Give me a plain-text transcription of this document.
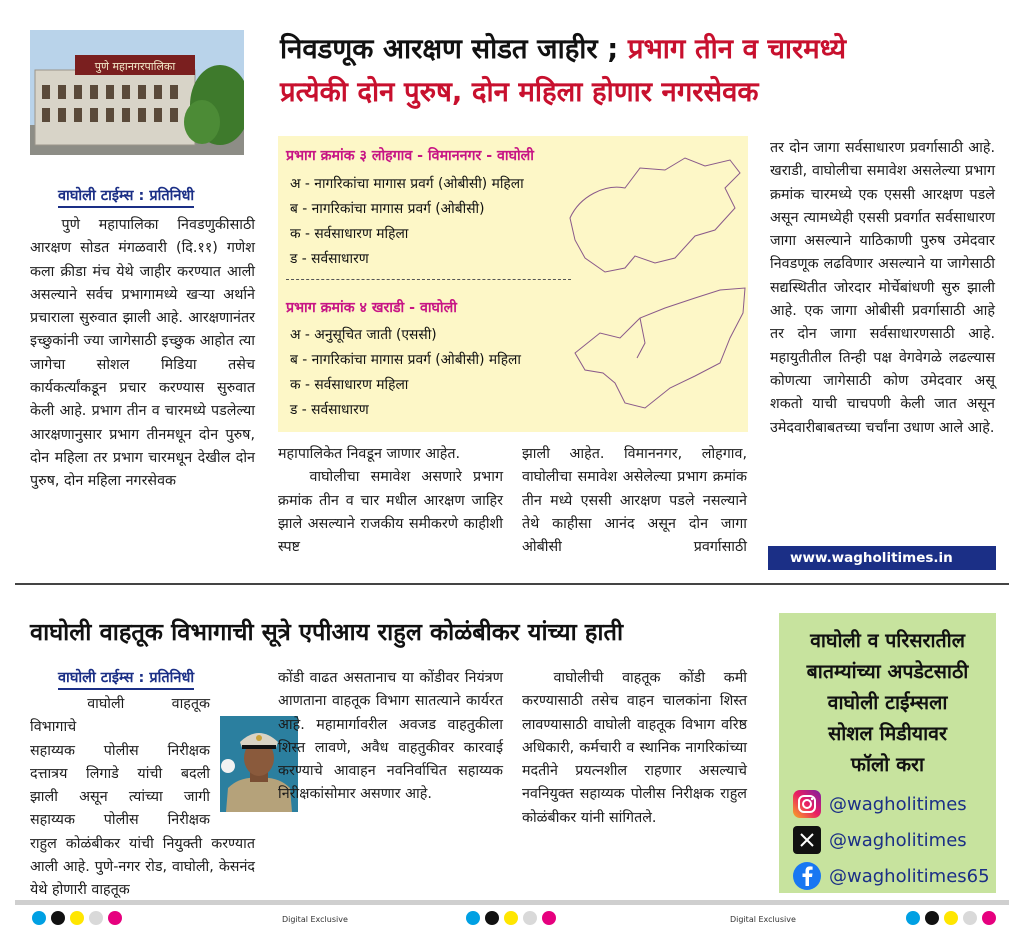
पुणे महानगरपालिका
निवडणूक आरक्षण सोडत जाहीर ; प्रभाग तीन व चारमध्ये
प्रत्येकी दोन पुरुष, दोन महिला होणार नगरसेवक
वाघोली टाईम्स : प्रतिनिधी

पुणे महापालिका निवडणुकीसाठी आरक्षण सोडत मंगळवारी (दि.११) गणेश कला क्रीडा मंच येथे जाहीर करण्यात आली असल्याने सर्वच प्रभागामध्ये खऱ्या अर्थाने प्रचाराला सुरुवात झाली आहे. आरक्षणानंतर इच्छुकांनी ज्या जागेसाठी इच्छुक आहोत त्या जागेचा सोशल मिडिया तसेच कार्यकर्त्यांकडून प्रचार करण्यास सुरुवात केली आहे. प्रभाग तीन व चारमध्ये पडलेल्या आरक्षणानुसार प्रभाग तीनमधून दोन पुरुष, दोन महिला तर प्रभाग चारमधून देखील दोन पुरुष, दोन महिला नगरसेवक

प्रभाग क्रमांक ३ लोहगाव - विमाननगर - वाघोली
अ - नागरिकांचा मागास प्रवर्ग (ओबीसी) महिला
ब - नागरिकांचा मागास प्रवर्ग (ओबीसी)
क - सर्वसाधारण महिला
ड - सर्वसाधारण
प्रभाग क्रमांक ४ खराडी - वाघोली
अ - अनुसूचित जाती (एससी)
ब - नागरिकांचा मागास प्रवर्ग (ओबीसी) महिला
क - सर्वसाधारण महिला
ड - सर्वसाधारण
महापालिकेत निवडून जाणार आहेत.

वाघोलीचा समावेश असणारे प्रभाग क्रमांक तीन व चार मधील आरक्षण जाहिर झाले असल्याने राजकीय समीकरणे काहीशी स्पष्ट

झाली आहेत. विमाननगर, लोहगाव, वाघोलीचा समावेश असेलेल्या प्रभाग क्रमांक तीन मध्ये एससी आरक्षण पडले नसल्याने तेथे काहीसा आनंद असून दोन जागा ओबीसी प्रवर्गासाठी
तर दोन जागा सर्वसाधारण प्रवर्गासाठी आहे. खराडी, वाघोलीचा समावेश असलेल्या प्रभाग क्रमांक चारमध्ये एक एससी आरक्षण पडले असून त्यामध्येही एससी प्रवर्गात सर्वसाधारण जागा असल्याने याठिकाणी पुरुष उमेदवार निवडणूक लढविणार असल्याने या जागेसाठी सद्यस्थितीत जोरदार मोर्चेबांधणी सुरु झाली आहे. एक जागा ओबीसी प्रवर्गासाठी आहे तर दोन जागा सर्वसाधारणसाठी आहे. महायुतीतील तिन्ही पक्ष वेगवेगळे लढल्यास कोणत्या जागेसाठी कोण उमेदवार असू शकतो याची चाचपणी केली जात असून उमेदवारीबाबतच्या चर्चांना उधाण आले आहे.
www.wagholitimes.in
वाघोली वाहतूक विभागाची सूत्रे एपीआय राहुल कोळंबीकर यांच्या हाती
वाघोली टाईम्स : प्रतिनिधी
वाघोली वाहतूक विभागाचे
सहाय्यक पोलीस निरीक्षक
दत्तात्रय लिगाडे यांची बदली
झाली असून त्यांच्या जागी
सहाय्यक पोलीस निरीक्षक
राहुल कोळंबीकर यांची नियुक्ती करण्यात आली आहे. पुणे-नगर रोड, वाघोली, केसनंद येथे होणारी वाहतूक
कोंडी वाढत असतानाच या कोंडीवर नियंत्रण आणताना वाहतूक विभाग सातत्याने कार्यरत आहे. महामार्गावरील अवजड वाहतुकीला शिस्त लावणे, अवैध वाहतुकीवर कारवाई करण्याचे आवाहन नवनिर्वाचित सहाय्यक निरीक्षकांसोमार असणार आहे.

वाघोलीची वाहतूक कोंडी कमी करण्यासाठी तसेच वाहन चालकांना शिस्त लावण्यासाठी वाघोली वाहतूक विभाग वरिष्ठ अधिकारी, कर्मचारी व स्थानिक नागरिकांच्या मदतीने प्रयत्नशील राहणार असल्याचे नवनियुक्त सहाय्यक पोलीस निरीक्षक राहुल कोळंबीकर यांनी सांगितले.

वाघोली व परिसरातील
बातम्यांच्या अपडेटसाठी
वाघोली टाईम्सला
सोशल मिडीयावर
फॉलो करा
@wagholitimes
@wagholitimes
@wagholitimes65
Digital Exclusive	Digital Exclusive
